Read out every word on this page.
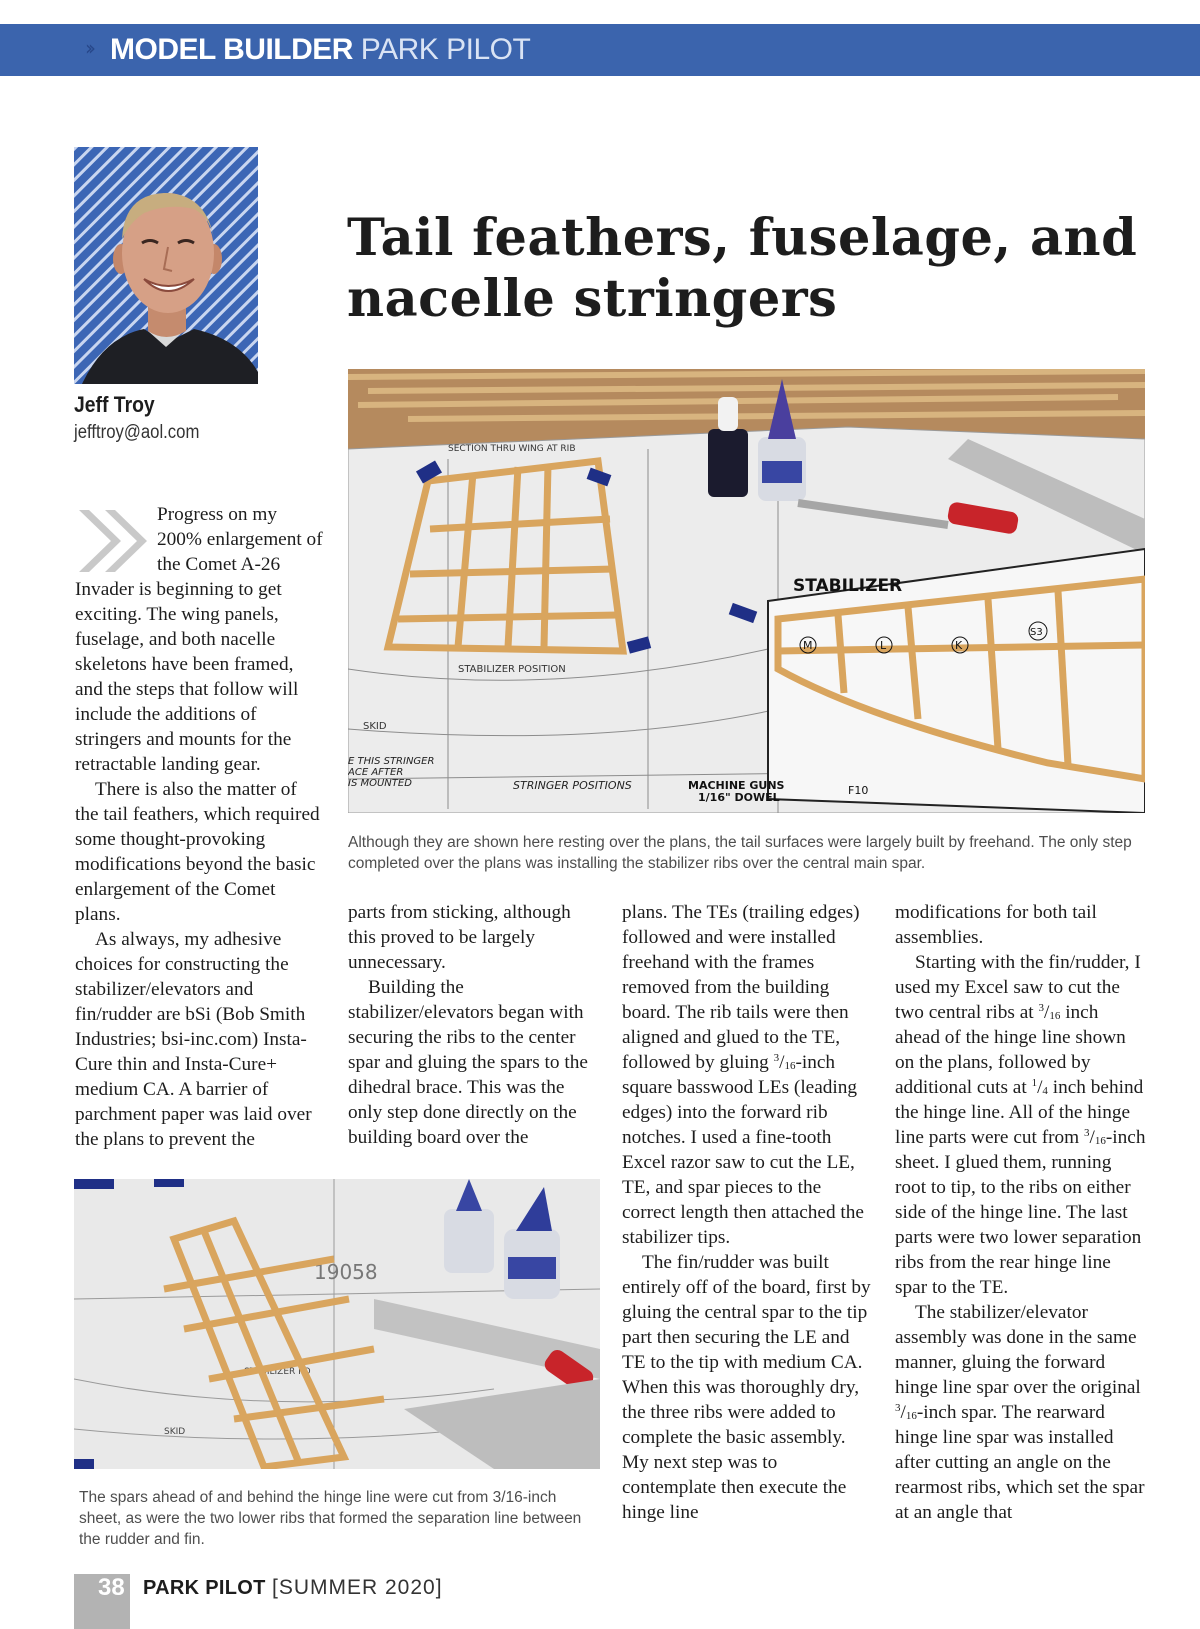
›› MODEL BUILDER PARK PILOT
Jeff Troy
jefftroy@aol.com
Tail feathers, fuselage, and nacelle stringers
SECTION THRU WING AT RIB
STABILIZER POSITION
SKID
E THIS STRINGER
ACE AFTER
IS MOUNTED	STRINGER POSITIONS
STABILIZER
M	L	K
S3
MACHINE GUNS
1/16" DOWEL
F10
Although they are shown here resting over the plans, the tail surfaces were largely built by freehand. The only step completed over the plans was installing the stabilizer ribs over the central main spar.

Progress on my 200% enlargement of the Comet A-26 Invader is beginning to get exciting. The wing panels, fuselage, and both nacelle skeletons have been framed, and the steps that follow will include the additions of stringers and mounts for the retractable landing gear.

There is also the matter of the tail feathers, which required some thought-provoking modifications beyond the basic enlargement of the Comet plans.

As always, my adhesive choices for constructing the stabilizer/elevators and fin/rudder are bSi (Bob Smith Industries; bsi-inc.com) Insta-Cure thin and Insta-Cure+ medium CA. A barrier of parchment paper was laid over the plans to prevent the

parts from sticking, although this proved to be largely unnecessary.

Building the stabilizer/elevators began with securing the ribs to the center spar and gluing the spars to the dihedral brace. This was the only step done directly on the building board over the

plans. The TEs (trailing edges) followed and were installed freehand with the frames removed from the building board. The rib tails were then aligned and glued to the TE, followed by gluing $^3/_{16}$-inch square basswood LEs (leading edges) into the forward rib notches. I used a fine-tooth Excel razor saw to cut the LE, TE, and spar pieces to the correct length then attached the stabilizer tips.

The fin/rudder was built entirely off of the board, first by gluing the central spar to the tip part then securing the LE and TE to the tip with medium CA. When this was thoroughly dry, the three ribs were added to complete the basic assembly. My next step was to contemplate then execute the hinge line

modifications for both tail assemblies.

Starting with the fin/rudder, I used my Excel saw to cut the two central ribs at $^3/_{16}$ inch ahead of the hinge line shown on the plans, followed by additional cuts at $^1/_4$ inch behind the hinge line. All of the hinge line parts were cut from $^3/_{16}$-inch sheet. I glued them, running root to tip, to the ribs on either side of the hinge line. The last parts were two lower separation ribs from the rear hinge line spar to the TE.

The stabilizer/elevator assembly was done in the same manner, gluing the forward hinge line spar over the original $^3/_{16}$-inch spar. The rearward hinge line spar was installed after cutting an angle on the rearmost ribs, which set the spar at an angle that

19058
STABILIZER PO
SKID
The spars ahead of and behind the hinge line were cut from 3/16-inch sheet, as were the two lower ribs that formed the separation line between the rudder and fin.
38 PARK PILOT [SUMMER 2020]
